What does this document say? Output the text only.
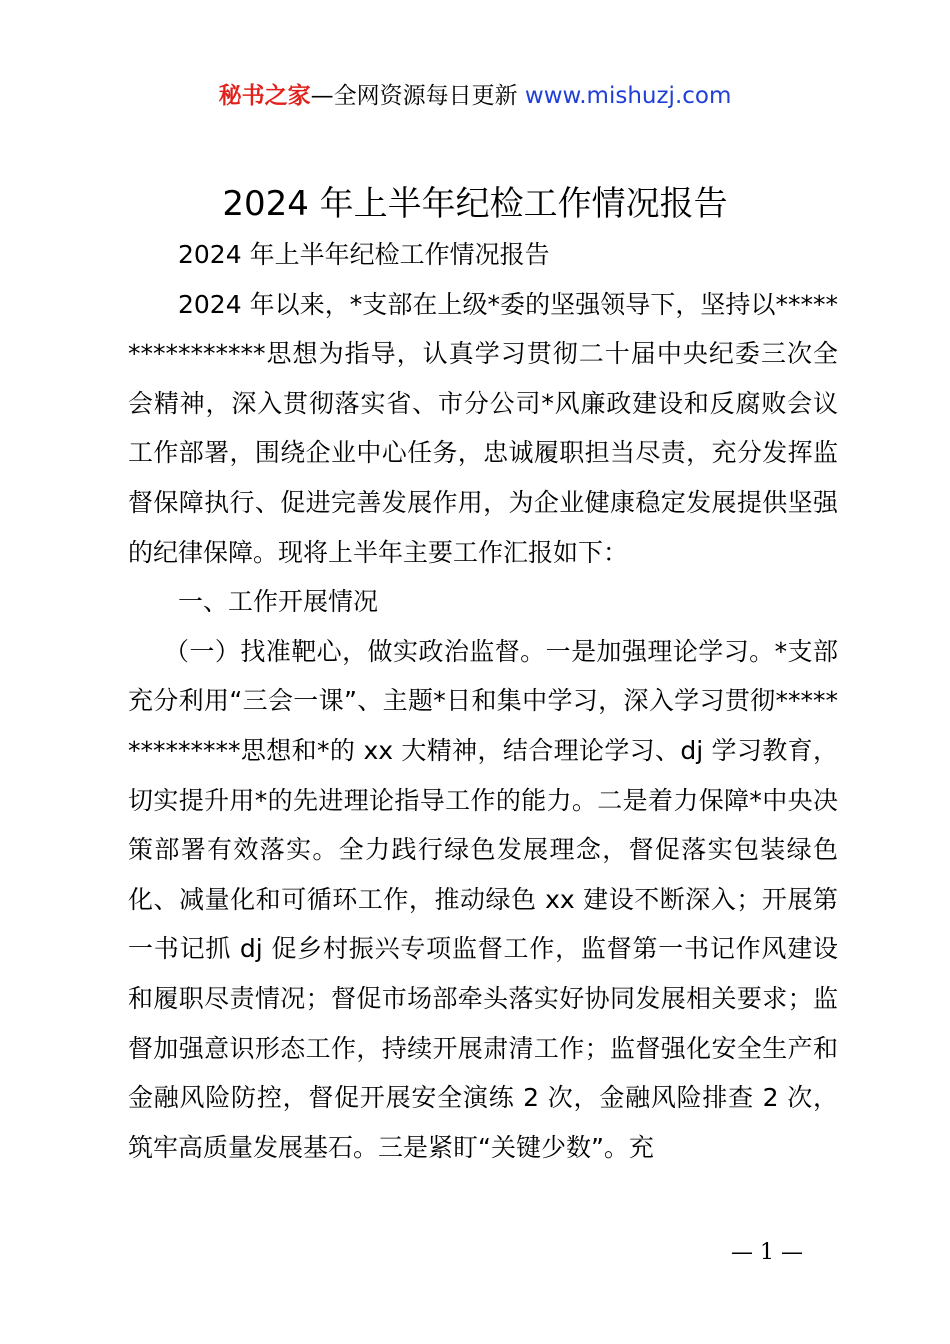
秘书之家—全网资源每日更新 www.mishuzj.com
2024 年上半年纪检工作情况报告

2024 年上半年纪检工作情况报告

2024 年以来，*支部在上级*委的坚强领导下，坚持以****************思想为指导，认真学习贯彻二十届中央纪委三次全会精神，深入贯彻落实省、市分公司*风廉政建设和反腐败会议工作部署，围绕企业中心任务，忠诚履职担当尽责，充分发挥监督保障执行、促进完善发展作用，为企业健康稳定发展提供坚强的纪律保障。现将上半年主要工作汇报如下：

一、工作开展情况

（一）找准靶心，做实政治监督。一是加强理论学习。*支部充分利用“三会一课”、主题*日和集中学习，深入学习贯彻**************思想和*的 xx 大精神，结合理论学习、dj 学习教育，切实提升用*的先进理论指导工作的能力。二是着力保障*中央决策部署有效落实。全力践行绿色发展理念，督促落实包装绿色化、减量化和可循环工作，推动绿色 xx 建设不断深入；开展第一书记抓 dj 促乡村振兴专项监督工作，监督第一书记作风建设和履职尽责情况；督促市场部牵头落实好协同发展相关要求；监督加强意识形态工作，持续开展肃清工作；监督强化安全生产和金融风险防控，督促开展安全演练 2 次，金融风险排查 2 次，筑牢高质量发展基石。三是紧盯“关键少数”。充

— 1 —
